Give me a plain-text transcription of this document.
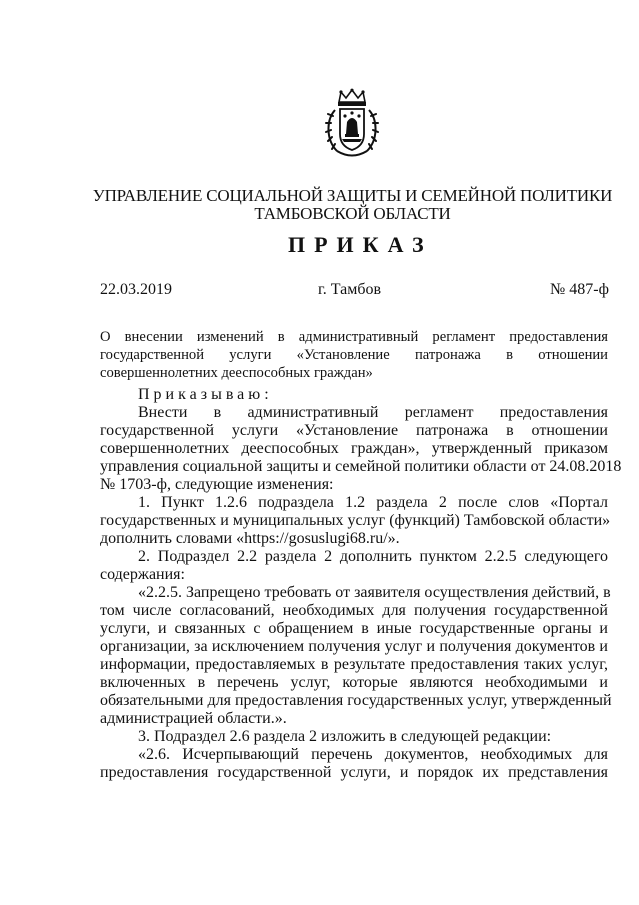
УПРАВЛЕНИЕ СОЦИАЛЬНОЙ ЗАЩИТЫ И СЕМЕЙНОЙ ПОЛИТИКИ
ТАМБОВСКОЙ ОБЛАСТИ
ПРИКАЗ
22.03.2019	г. Тамбов	№ 487-ф
О внесении изменений в административный регламент предоставления
государственной услуги «Установление патронажа в отношении
совершеннолетних дееспособных граждан»
Приказываю:
Внести в административный регламент предоставления
государственной услуги «Установление патронажа в отношении
совершеннолетних дееспособных граждан», утвержденный приказом
управления социальной защиты и семейной политики области от 24.08.2018
№ 1703-ф, следующие изменения:
1. Пункт 1.2.6 подраздела 1.2 раздела 2 после слов «Портал
государственных и муниципальных услуг (функций) Тамбовской области»
дополнить словами «https://gosuslugi68.ru/».
2. Подраздел 2.2 раздела 2 дополнить пунктом 2.2.5 следующего
содержания:
«2.2.5. Запрещено требовать от заявителя осуществления действий, в
том числе согласований, необходимых для получения государственной
услуги, и связанных с обращением в иные государственные органы и
организации, за исключением получения услуг и получения документов и
информации, предоставляемых в результате предоставления таких услуг,
включенных в перечень услуг, которые являются необходимыми и
обязательными для предоставления государственных услуг, утвержденный
администрацией области.».
3. Подраздел 2.6 раздела 2 изложить в следующей редакции:
«2.6. Исчерпывающий перечень документов, необходимых для
предоставления государственной услуги, и порядок их представления
